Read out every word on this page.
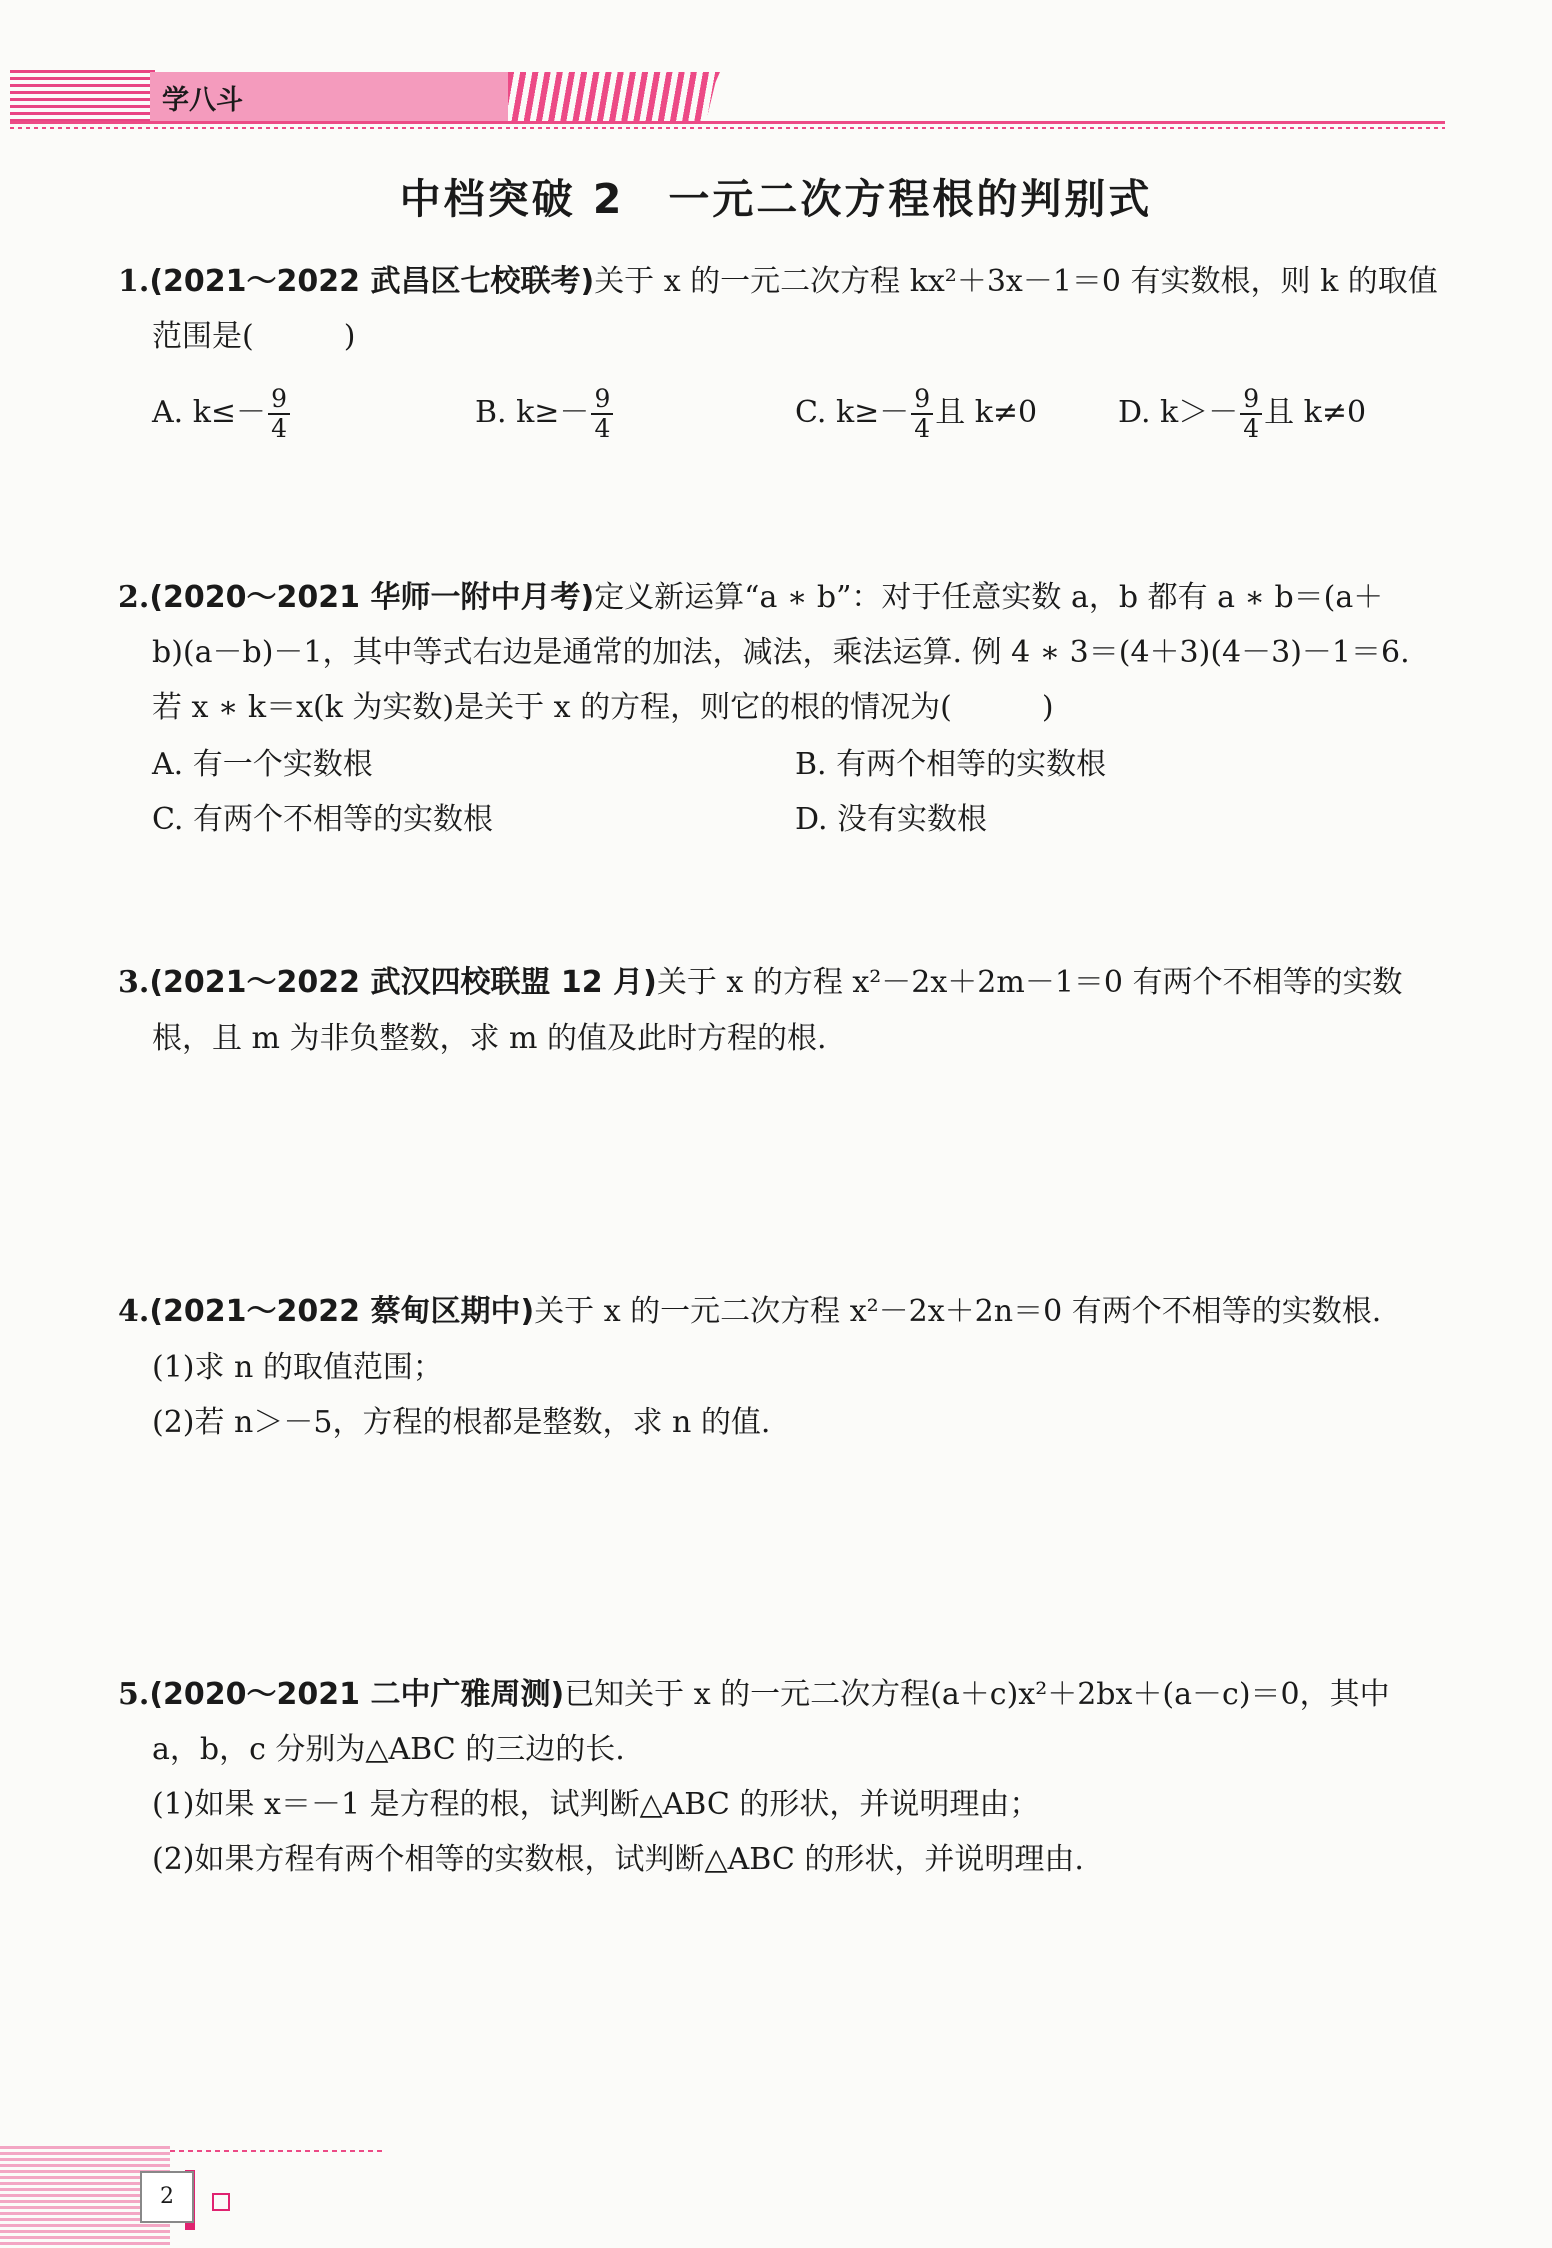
学八斗
中档突破 2　一元二次方程根的判别式
1.(2021～2022 武昌区七校联考)关于 x 的一元二次方程 kx²＋3x－1＝0 有实数根，则 k 的取值
范围是(　　　)
A. $k\le- \frac{9}{4}$	B. $k\ge- \frac{9}{4}$	C. $k\ge- \frac{9}{4}$ 且 k≠0	D. $k>- \frac{9}{4}$ 且 k≠0
2.(2020～2021 华师一附中月考)定义新运算“a ∗ b”：对于任意实数 a，b 都有 a ∗ b＝(a＋
b)(a－b)－1，其中等式右边是通常的加法，减法，乘法运算. 例 4 ∗ 3＝(4＋3)(4－3)－1＝6.
若 x ∗ k＝x(k 为实数)是关于 x 的方程，则它的根的情况为(　　　)
A. 有一个实数根	B. 有两个相等的实数根
C. 有两个不相等的实数根	D. 没有实数根
3.(2021～2022 武汉四校联盟 12 月)关于 x 的方程 x²－2x＋2m－1＝0 有两个不相等的实数
根，且 m 为非负整数，求 m 的值及此时方程的根.
4.(2021～2022 蔡甸区期中)关于 x 的一元二次方程 x²－2x＋2n＝0 有两个不相等的实数根.
(1)求 n 的取值范围；
(2)若 n＞－5，方程的根都是整数，求 n 的值.
5.(2020～2021 二中广雅周测)已知关于 x 的一元二次方程(a＋c)x²＋2bx＋(a－c)＝0，其中
a，b，c 分别为△ABC 的三边的长.
(1)如果 x＝－1 是方程的根，试判断△ABC 的形状，并说明理由；
(2)如果方程有两个相等的实数根，试判断△ABC 的形状，并说明理由.
2
